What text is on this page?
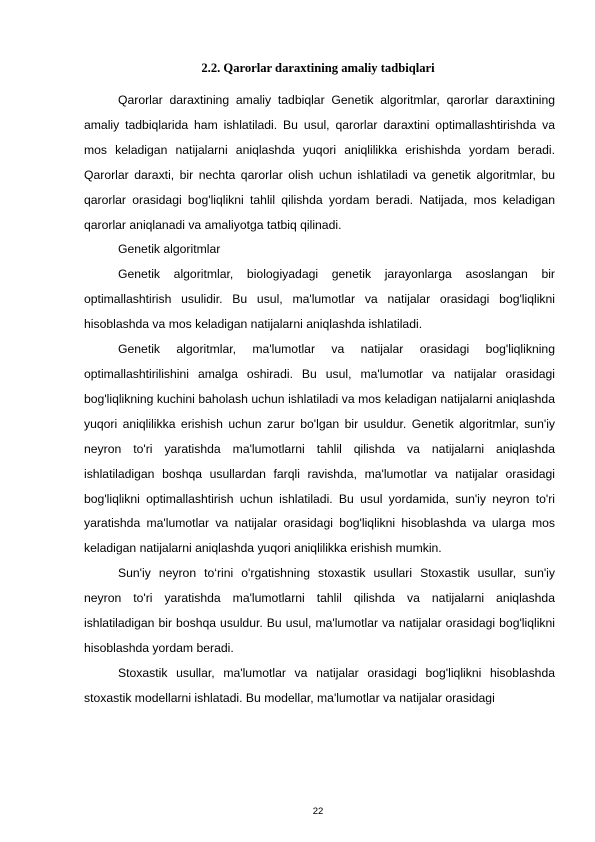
2.2. Qarorlar daraxtining amaliy tadbiqlari

Qarorlar daraxtining amaliy tadbiqlar Genetik algoritmlar, qarorlar daraxtining amaliy tadbiqlarida ham ishlatiladi. Bu usul, qarorlar daraxtini optimallashtirishda va mos keladigan natijalarni aniqlashda yuqori aniqlilikka erishishda yordam beradi. Qarorlar daraxti, bir nechta qarorlar olish uchun ishlatiladi va genetik algoritmlar, bu qarorlar orasidagi bog'liqlikni tahlil qilishda yordam beradi. Natijada, mos keladigan qarorlar aniqlanadi va amaliyotga tatbiq qilinadi.

Genetik algoritmlar

Genetik algoritmlar, biologiyadagi genetik jarayonlarga asoslangan bir optimallashtirish usulidir. Bu usul, ma'lumotlar va natijalar orasidagi bog'liqlikni hisoblashda va mos keladigan natijalarni aniqlashda ishlatiladi.

Genetik algoritmlar, ma'lumotlar va natijalar orasidagi bog'liqlikning optimallashtirilishini amalga oshiradi. Bu usul, ma'lumotlar va natijalar orasidagi bog'liqlikning kuchini baholash uchun ishlatiladi va mos keladigan natijalarni aniqlashda yuqori aniqlilikka erishish uchun zarur bo'lgan bir usuldur. Genetik algoritmlar, sun'iy neyron to'ri yaratishda ma'lumotlarni tahlil qilishda va natijalarni aniqlashda ishlatiladigan boshqa usullardan farqli ravishda, ma'lumotlar va natijalar orasidagi bog'liqlikni optimallashtirish uchun ishlatiladi. Bu usul yordamida, sun'iy neyron to'ri yaratishda ma'lumotlar va natijalar orasidagi bog'liqlikni hisoblashda va ularga mos keladigan natijalarni aniqlashda yuqori aniqlilikka erishish mumkin.

Sun'iy neyron to‘rini o'rgatishning stoxastik usullari Stoxastik usullar, sun'iy neyron to'ri yaratishda ma'lumotlarni tahlil qilishda va natijalarni aniqlashda ishlatiladigan bir boshqa usuldur. Bu usul, ma'lumotlar va natijalar orasidagi bog'liqlikni hisoblashda yordam beradi.

Stoxastik usullar, ma'lumotlar va natijalar orasidagi bog'liqlikni hisoblashda stoxastik modellarni ishlatadi. Bu modellar, ma'lumotlar va natijalar orasidagi

22
